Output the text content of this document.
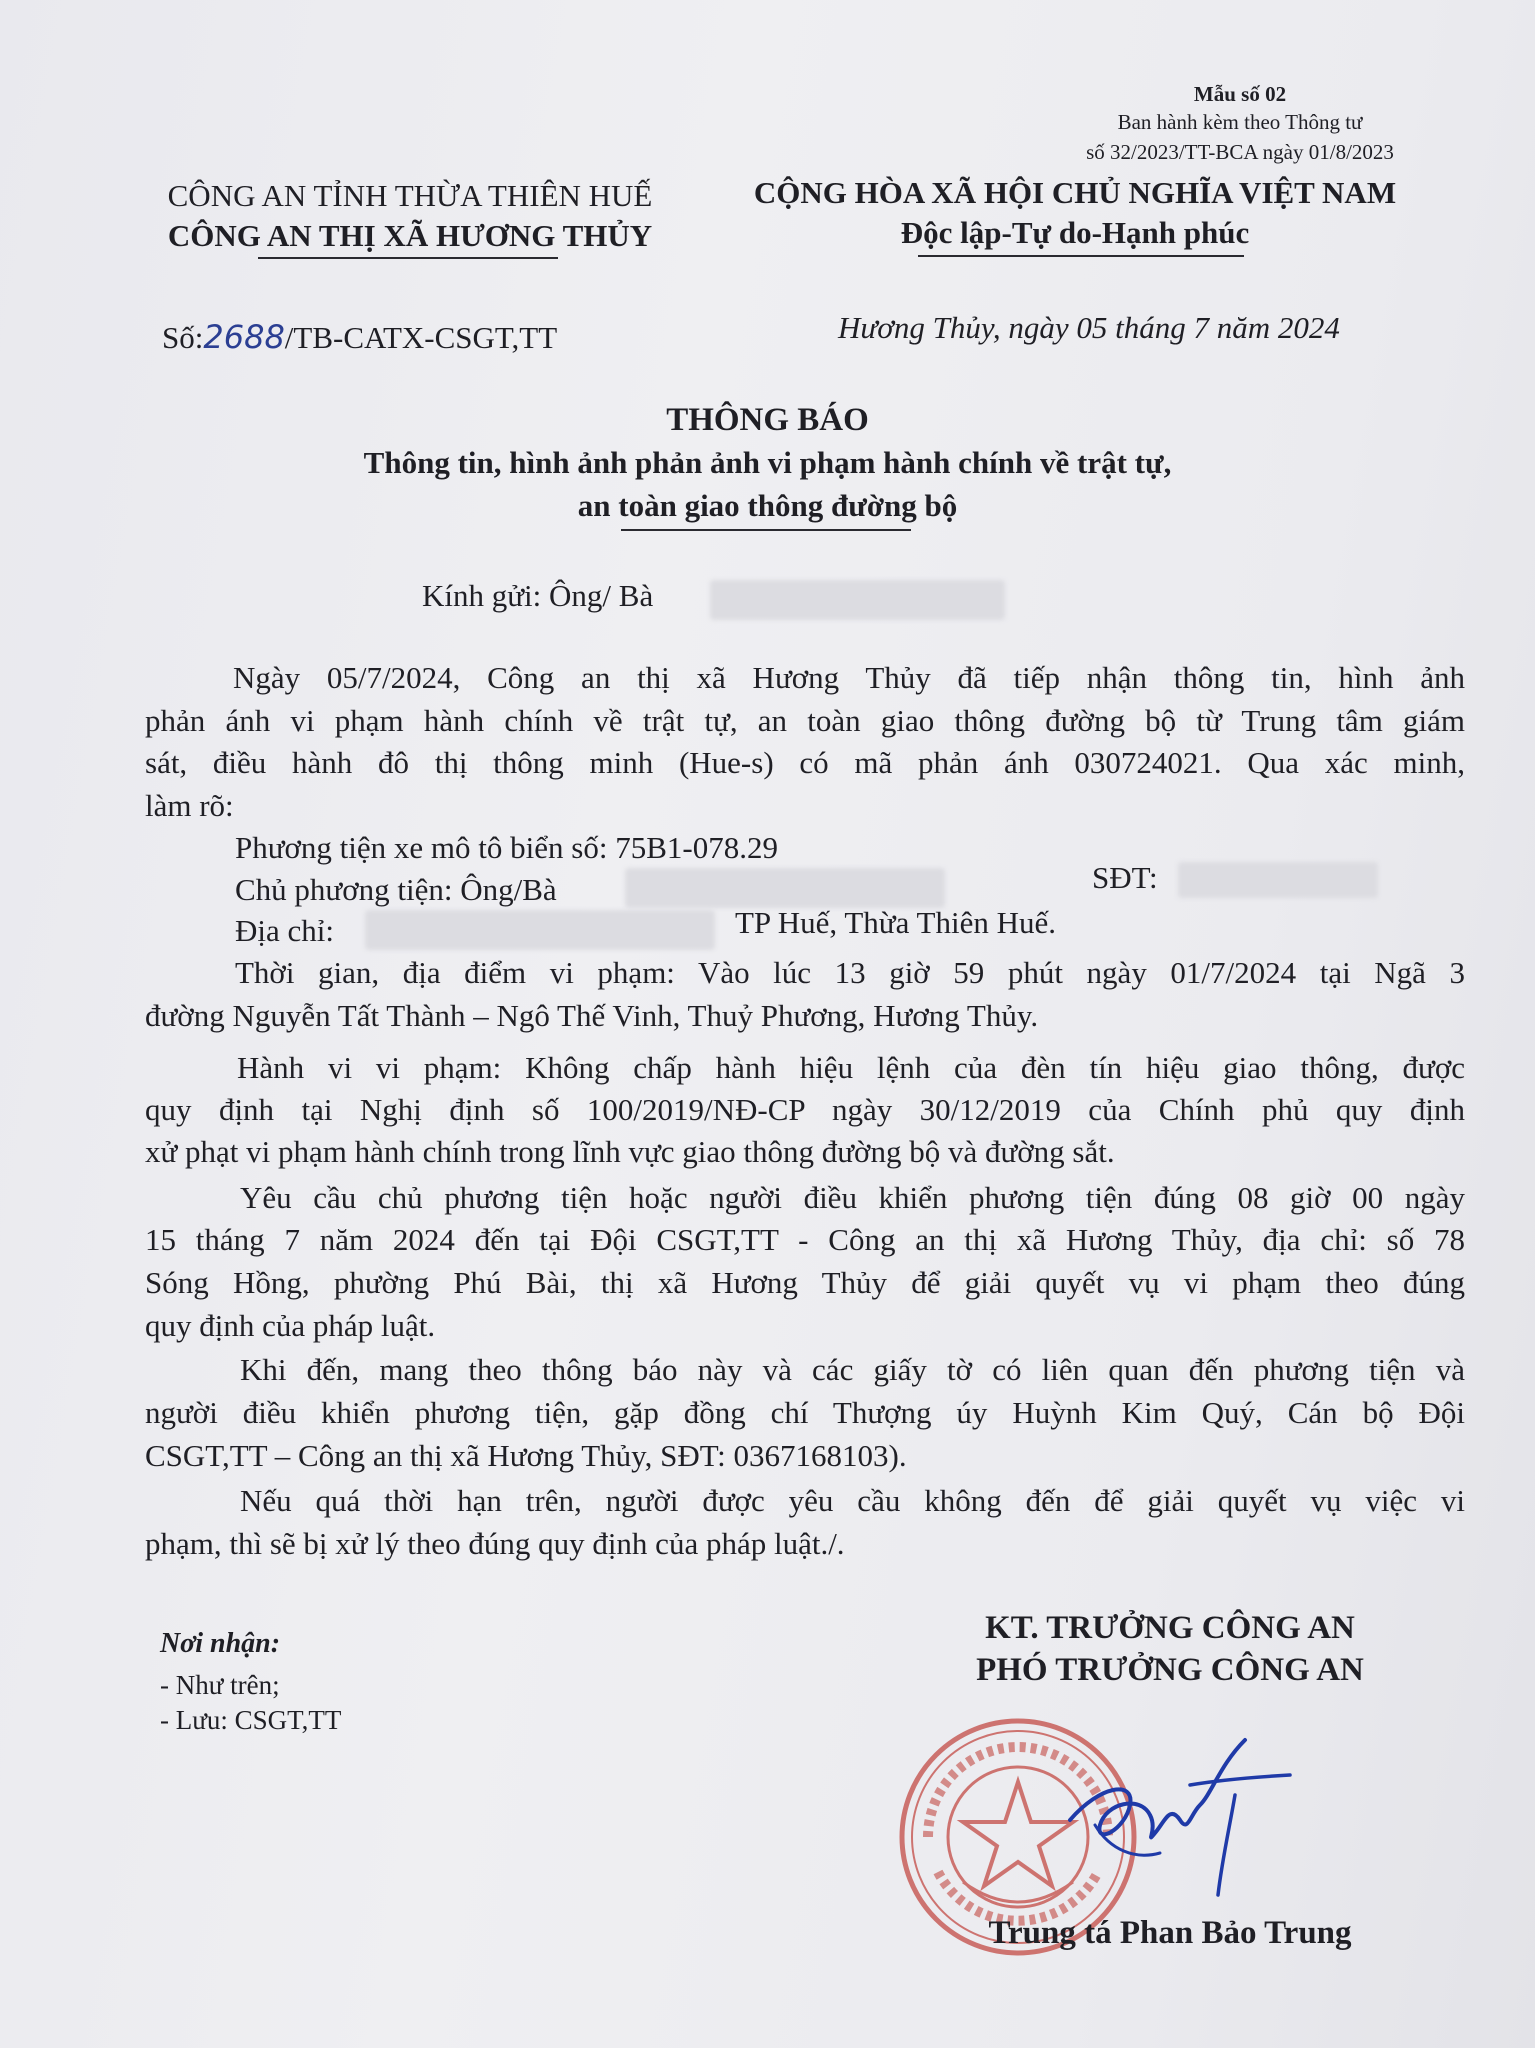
Mẫu số 02
Ban hành kèm theo Thông tư
số 32/2023/TT-BCA ngày 01/8/2023
CÔNG AN TỈNH THỪA THIÊN HUẾ
CÔNG AN THỊ XÃ HƯƠNG THỦY
CỘNG HÒA XÃ HỘI CHỦ NGHĨA VIỆT NAM
Độc lập-Tự do-Hạnh phúc
Số:2688/TB-CATX-CSGT,TT	Hương Thủy, ngày 05 tháng 7 năm 2024
THÔNG BÁO
Thông tin, hình ảnh phản ảnh vi phạm hành chính về trật tự,
an toàn giao thông đường bộ
Kính gửi: Ông/ Bà
Ngày 05/7/2024, Công an thị xã Hương Thủy đã tiếp nhận thông tin, hình ảnh
phản ánh vi phạm hành chính về trật tự, an toàn giao thông đường bộ từ Trung tâm giám
sát, điều hành đô thị thông minh (Hue-s) có mã phản ánh 030724021. Qua xác minh,
làm rõ:
Phương tiện xe mô tô biển số: 75B1-078.29
Chủ phương tiện: Ông/Bà	SĐT:
Địa chỉ:	TP Huế, Thừa Thiên Huế.
Thời gian, địa điểm vi phạm: Vào lúc 13 giờ 59 phút ngày 01/7/2024 tại Ngã 3
đường Nguyễn Tất Thành – Ngô Thế Vinh, Thuỷ Phương, Hương Thủy.
Hành vi vi phạm: Không chấp hành hiệu lệnh của đèn tín hiệu giao thông, được
quy định tại Nghị định số 100/2019/NĐ-CP ngày 30/12/2019 của Chính phủ quy định
xử phạt vi phạm hành chính trong lĩnh vực giao thông đường bộ và đường sắt.
Yêu cầu chủ phương tiện hoặc người điều khiển phương tiện đúng 08 giờ 00 ngày
15 tháng 7 năm 2024 đến tại Đội CSGT,TT - Công an thị xã Hương Thủy, địa chỉ: số 78
Sóng Hồng, phường Phú Bài, thị xã Hương Thủy để giải quyết vụ vi phạm theo đúng
quy định của pháp luật.
Khi đến, mang theo thông báo này và các giấy tờ có liên quan đến phương tiện và
người điều khiển phương tiện, gặp đồng chí Thượng úy Huỳnh Kim Quý, Cán bộ Đội
CSGT,TT – Công an thị xã Hương Thủy, SĐT: 0367168103).
Nếu quá thời hạn trên, người được yêu cầu không đến để giải quyết vụ việc vi
phạm, thì sẽ bị xử lý theo đúng quy định của pháp luật./.
Nơi nhận:
- Như trên;
- Lưu: CSGT,TT
KT. TRƯỞNG CÔNG AN
PHÓ TRƯỞNG CÔNG AN
Trung tá Phan Bảo Trung
